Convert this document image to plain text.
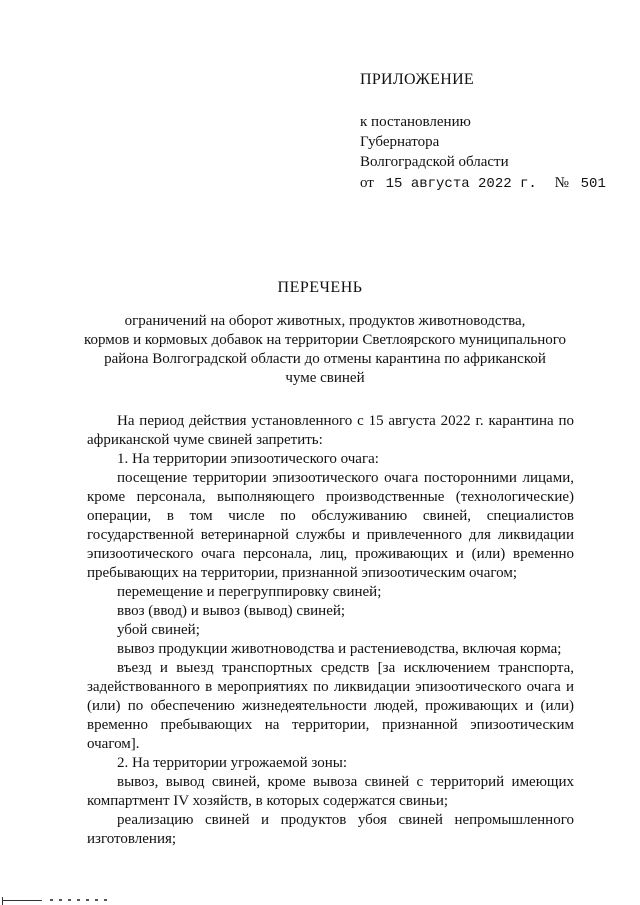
ПРИЛОЖЕНИЕ
к постановлению
Губернатора
Волгоградской области
от 15 августа 2022 г. № 501
ПЕРЕЧЕНЬ
ограничений на оборот животных, продуктов животноводства,
кормов и кормовых добавок на территории Светлоярского муниципального
района Волгоградской области до отмены карантина по африканской
чуме свиней

На период действия установленного с 15 августа 2022 г. карантина по африканской чуме свиней запретить:

1. На территории эпизоотического очага:

посещение территории эпизоотического очага посторонними лицами, кроме персонала, выполняющего производственные (технологические) операции, в том числе по обслуживанию свиней, специалистов государственной ветеринарной службы и привлеченного для ликвидации эпизоотического очага персонала, лиц, проживающих и (или) временно пребывающих на территории, признанной эпизоотическим очагом;

перемещение и перегруппировку свиней;

ввоз (ввод) и вывоз (вывод) свиней;

убой свиней;

вывоз продукции животноводства и растениеводства, включая корма;

въезд и выезд транспортных средств [за исключением транспорта, задействованного в мероприятиях по ликвидации эпизоотического очага и (или) по обеспечению жизнедеятельности людей, проживающих и (или) временно пребывающих на территории, признанной эпизоотическим очагом].

2. На территории угрожаемой зоны:

вывоз, вывод свиней, кроме вывоза свиней с территорий имеющих компартмент IV хозяйств, в которых содержатся свиньи;

реализацию свиней и продуктов убоя свиней непромышленного изготовления;
